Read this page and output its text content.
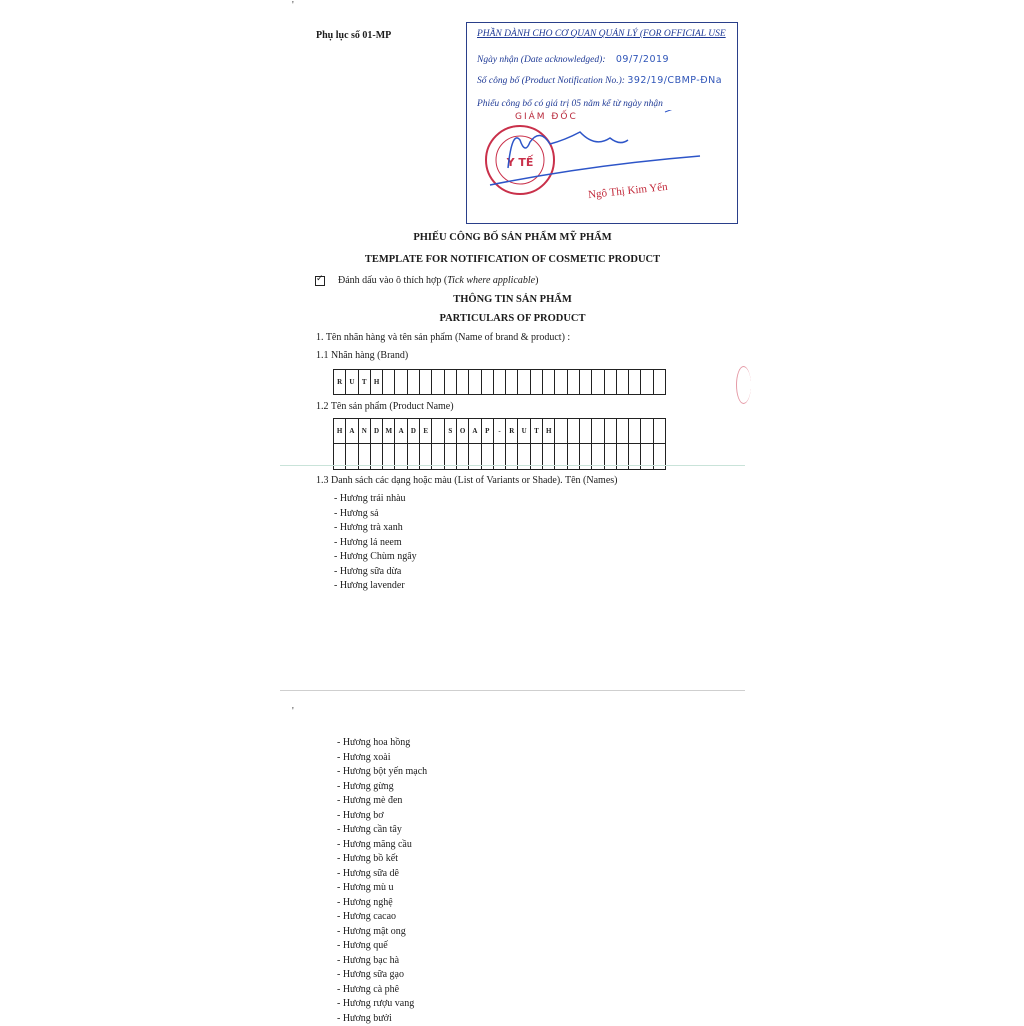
'
'
Phụ lục số 01-MP	PHẦN DÀNH CHO CƠ QUAN QUẢN LÝ (FOR OFFICIAL USE
Ngày nhận (Date acknowledged): 09/7/2019
Số công bố (Product Notification No.): 392/19/CBMP-ĐNa
Phiếu công bố có giá trị 05 năm kể từ ngày nhận
GIÁM ĐỐC
Y TẾ
Ngô Thị Kim Yến
PHIẾU CÔNG BỐ SẢN PHẨM MỸ PHẨM
TEMPLATE FOR NOTIFICATION OF COSMETIC PRODUCT
✓
Đánh dấu vào ô thích hợp (Tick where applicable)
THÔNG TIN SẢN PHẨM
PARTICULARS OF PRODUCT
1. Tên nhãn hàng và tên sản phẩm (Name of brand & product) :
1.1 Nhãn hàng (Brand)
R	U	T	H
1.2 Tên sản phẩm (Product Name)
H	A	N	D M A	D	E	S	O	A	P	-	R	U	T	H
1.3 Danh sách các dạng hoặc màu (List of Variants or Shade). Tên (Names)
- Hương trái nhàu
- Hương sả
- Hương trà xanh
- Hương lá neem
- Hương Chùm ngây
- Hương sữa dừa
- Hương lavender
- Hương hoa hồng
- Hương xoài
- Hương bột yến mạch
- Hương gừng
- Hương mè đen
- Hương bơ
- Hương cần tây
- Hương mãng cầu
- Hương bồ kết
- Hương sữa dê
- Hương mù u
- Hương nghệ
- Hương cacao
- Hương mật ong
- Hương quế
- Hương bạc hà
- Hương sữa gạo
- Hương cà phê
- Hương rượu vang
- Hương bưởi
